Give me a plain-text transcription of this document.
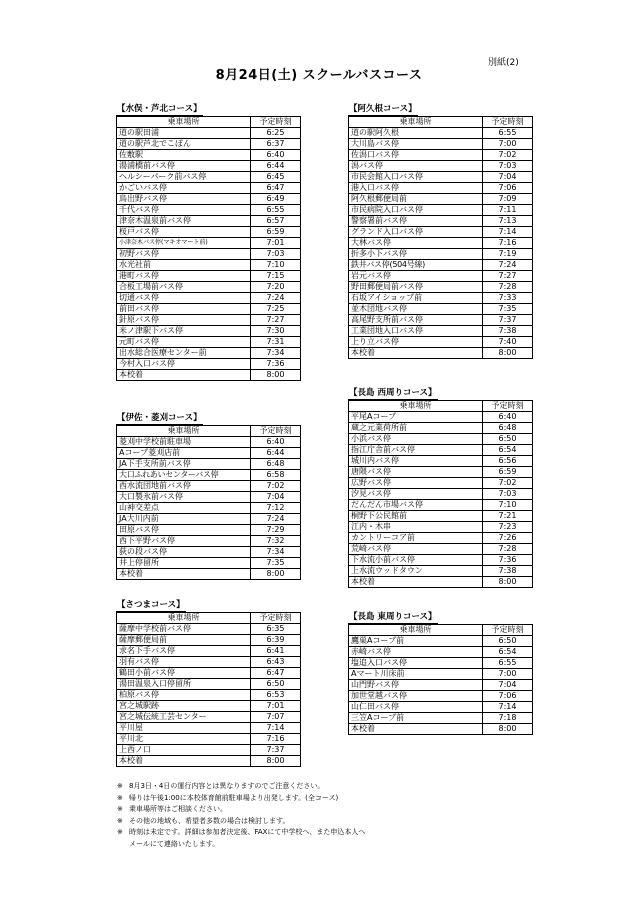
別紙(2)
8月24日(土) スクールバスコース
【水俣・芦北コース】
乗車場所	予定時刻
道の駅田浦	6:25
道の駅芦北でこぽん	6:37
佐敷駅	6:40
湯浦橋前バス停	6:44
ヘルシーパーク前バス停	6:45
かごいバス停	6:47
鳥出野バス停	6:49
千代バス停	6:55
津奈木温泉前バス停	6:57
桜戸バス停	6:59
小津奈木バス停(マキオマート前)	7:01
初野バス停	7:03
水光社前	7:10
港町バス停	7:15
合板工場前バス停	7:20
切通バス停	7:24
前田バス停	7:25
針原バス停	7:27
米ノ津駅下バス停	7:30
元町バス停	7:31
出水総合医療センター前	7:34
今村入口バス停	7:36
本校着	8:00
【伊佐・菱刈コース】
乗車場所	予定時刻
菱刈中学校前駐車場	6:40
Aコープ菱刈店前	6:44
JA下手支所前バス停	6:48
大口ふれあいセンターバス停	6:58
西水流団地前バス停	7:02
大口製氷前バス停	7:04
山神交差点	7:12
JA大川内前	7:24
田原バス停	7:29
西下平野バス停	7:32
荻の段バス停	7:34
井上停留所	7:35
本校着	8:00
【さつまコース】
乗車場所	予定時刻
薩摩中学校前バス停	6:35
薩摩郵便局前	6:39
求名下手バス停	6:41
羽有バス停	6:43
鶴田小前バス停	6:47
湯田温泉入口停留所	6:50
柏原バス停	6:53
宮之城駅跡	7:01
宮之城伝統工芸センター	7:07
平川屋	7:14
平川北	7:16
上西ノ口	7:37
本校着	8:00
【阿久根コース】
乗車場所	予定時刻
道の駅阿久根	6:55
大川島バス停	7:00
佐潟口バス停	7:02
潟バス停	7:03
市民会館入口バス停	7:04
港入口バス停	7:06
阿久根郵便局前	7:09
市民病院入口バス停	7:11
警察署前バス停	7:13
グランド入口バス停	7:14
大林バス停	7:16
折多小下バス停	7:19
鉄井バス停(504号線)	7:24
岩元バス停	7:27
野田郵便局前バス停	7:28
石坂アイショップ前	7:33
並木団地バス停	7:35
高尾野支所前バス停	7:37
工業団地入口バス停	7:38
上り立バス停	7:40
本校着	8:00
【長島 西周りコース】
乗車場所	予定時刻
平尾Aコープ	6:40
蔵之元業荷所前	6:48
小浜バス停	6:50
指江庁舎前バス停	6:54
城川内バス停	6:56
唐隈バス停	6:59
広野バス停	7:02
汐見バス停	7:03
だんだん市場バス停	7:10
桐野下公民館前	7:21
江内・木串	7:23
カントリーコア前	7:26
荒崎バス停	7:28
下水流小前バス停	7:36
上水流ウッドタウン	7:38
本校着	8:00
【長島 東周りコース】
乗車場所	予定時刻
鷹巣Aコープ前	6:50
赤崎バス停	6:54
塩追入口バス停	6:55
Aマート川床前	7:00
山門野バス停	7:04
加世堂越バス停	7:06
山仁田バス停	7:14
三笠Aコープ前	7:18
本校着	8:00
※ 8月3日・4日の運行内容とは異なりますのでご注意ください。
※ 帰りは午後1:00に本校体育館前駐車場より出発します。(全コース)
※ 乗車場所等はご相談ください。
※ その他の地域も、希望者多数の場合は検討します。
※ 時刻は未定です。詳細は参加者決定後、FAXにて中学校へ、また申込本人へ
メールにて連絡いたします。
